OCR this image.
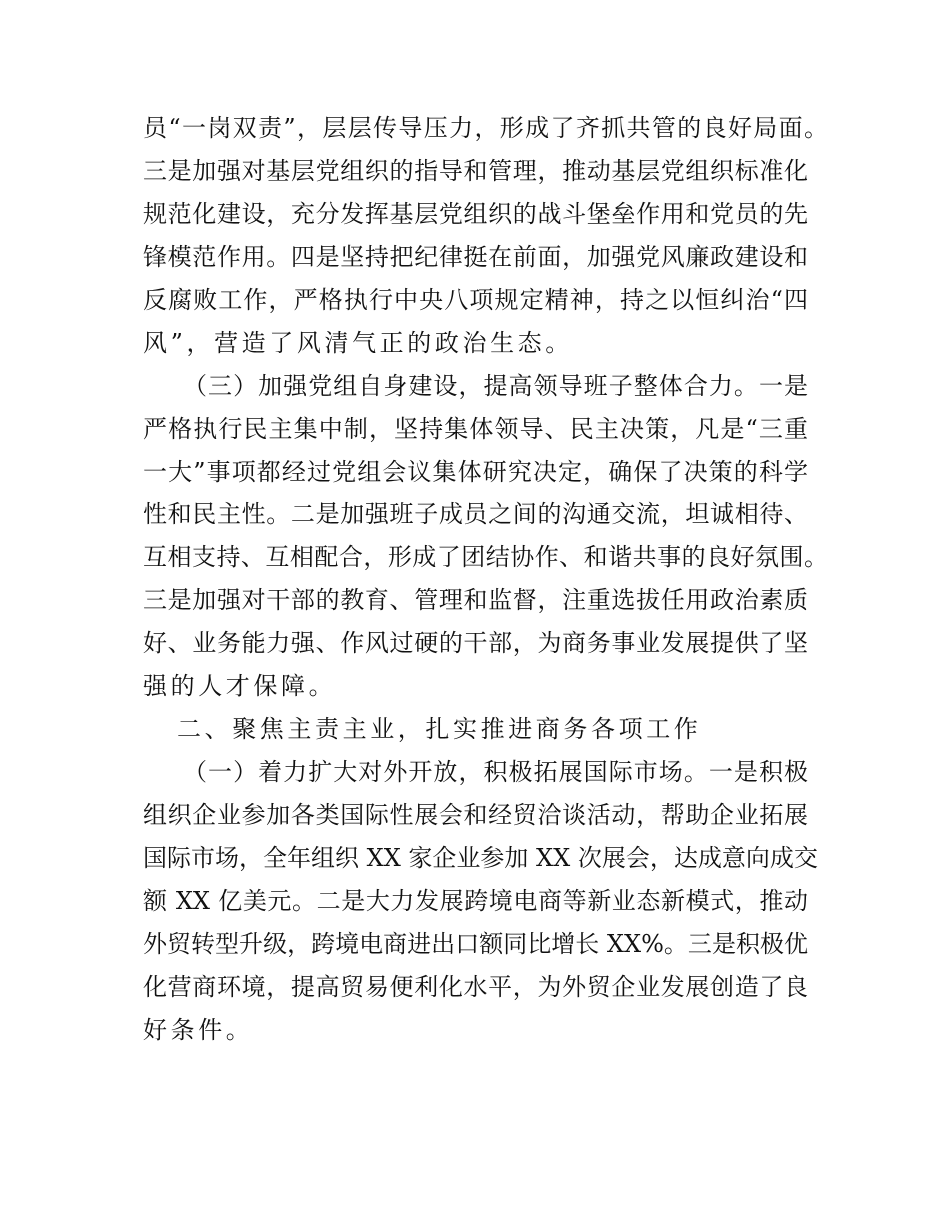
员“一岗双责”，层层传导压力，形成了齐抓共管的良好局面。
三是加强对基层党组织的指导和管理，推动基层党组织标准化
规范化建设，充分发挥基层党组织的战斗堡垒作用和党员的先
锋模范作用。四是坚持把纪律挺在前面，加强党风廉政建设和
反腐败工作，严格执行中央八项规定精神，持之以恒纠治“四
风”，营造了风清气正的政治生态。
（三）加强党组自身建设，提高领导班子整体合力。一是
严格执行民主集中制，坚持集体领导、民主决策，凡是“三重
一大”事项都经过党组会议集体研究决定，确保了决策的科学
性和民主性。二是加强班子成员之间的沟通交流，坦诚相待、
互相支持、互相配合，形成了团结协作、和谐共事的良好氛围。
三是加强对干部的教育、管理和监督，注重选拔任用政治素质
好、业务能力强、作风过硬的干部，为商务事业发展提供了坚
强的人才保障。
二、聚焦主责主业，扎实推进商务各项工作
（一）着力扩大对外开放，积极拓展国际市场。一是积极
组织企业参加各类国际性展会和经贸洽谈活动，帮助企业拓展
国际市场，全年组织 XX 家企业参加 XX 次展会，达成意向成交
额 XX 亿美元。二是大力发展跨境电商等新业态新模式，推动
外贸转型升级，跨境电商进出口额同比增长 XX%。三是积极优
化营商环境，提高贸易便利化水平，为外贸企业发展创造了良
好条件。
